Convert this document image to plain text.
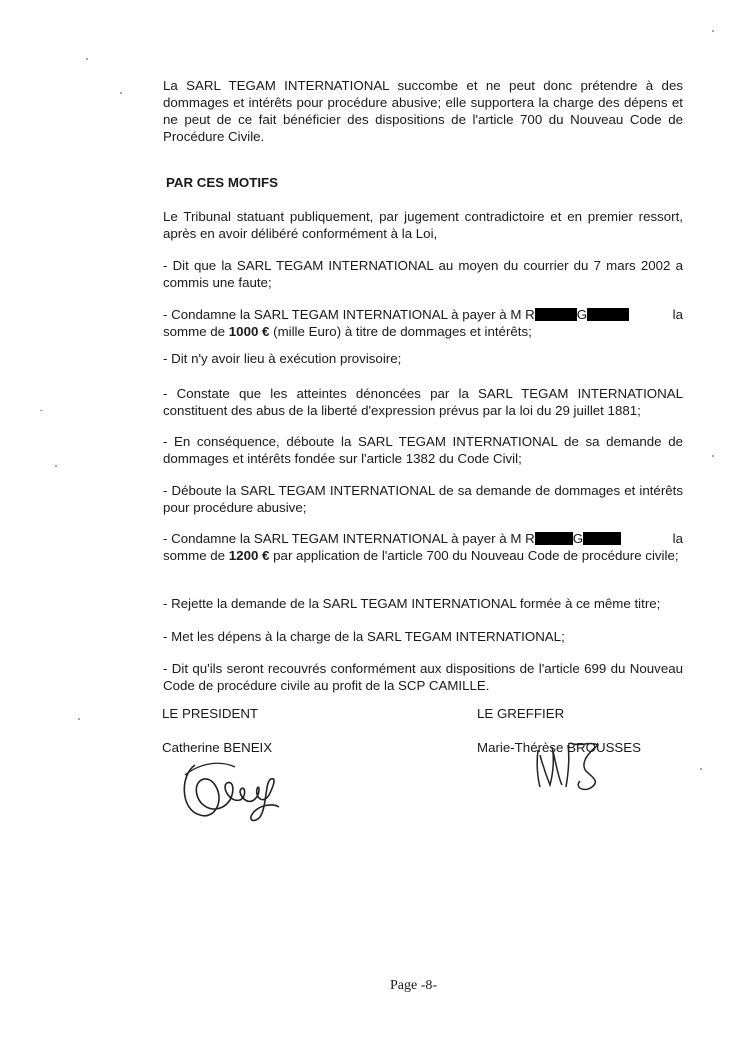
La SARL TEGAM INTERNATIONAL succombe et ne peut donc prétendre à des dommages et intérêts pour procédure abusive; elle supportera la charge des dépens et ne peut de ce fait bénéficier des dispositions de l'article 700 du Nouveau Code de Procédure Civile.
PAR CES MOTIFS
Le Tribunal statuant publiquement, par jugement contradictoire et en premier ressort, après en avoir délibéré conformément à la Loi,
- Dit que la SARL TEGAM INTERNATIONAL au moyen du courrier du 7 mars 2002 a commis une faute;
- Condamne la SARL TEGAM INTERNATIONAL à payer à M R	G	la
somme de 1000 € (mille Euro) à titre de dommages et intérêts;
- Dit n'y avoir lieu à exécution provisoire;
- Constate que les atteintes dénoncées par la SARL TEGAM INTERNATIONAL constituent des abus de la liberté d'expression prévus par la loi du 29 juillet 1881;
- En conséquence, déboute la SARL TEGAM INTERNATIONAL de sa demande de dommages et intérêts fondée sur l'article 1382 du Code Civil;
- Déboute la SARL TEGAM INTERNATIONAL de sa demande de dommages et intérêts pour procédure abusive;
- Condamne la SARL TEGAM INTERNATIONAL à payer à M R	G	la
somme de 1200 € par application de l'article 700 du Nouveau Code de procédure civile;
- Rejette la demande de la SARL TEGAM INTERNATIONAL formée à ce même titre;
- Met les dépens à la charge de la SARL TEGAM INTERNATIONAL;
- Dit qu'ils seront recouvrés conformément aux dispositions de l'article 699 du Nouveau Code de procédure civile au profit de la SCP CAMILLE.
LE PRESIDENT
Catherine BENEIX
LE GREFFIER
Marie-Thérèse BROUSSES
Page -8-
